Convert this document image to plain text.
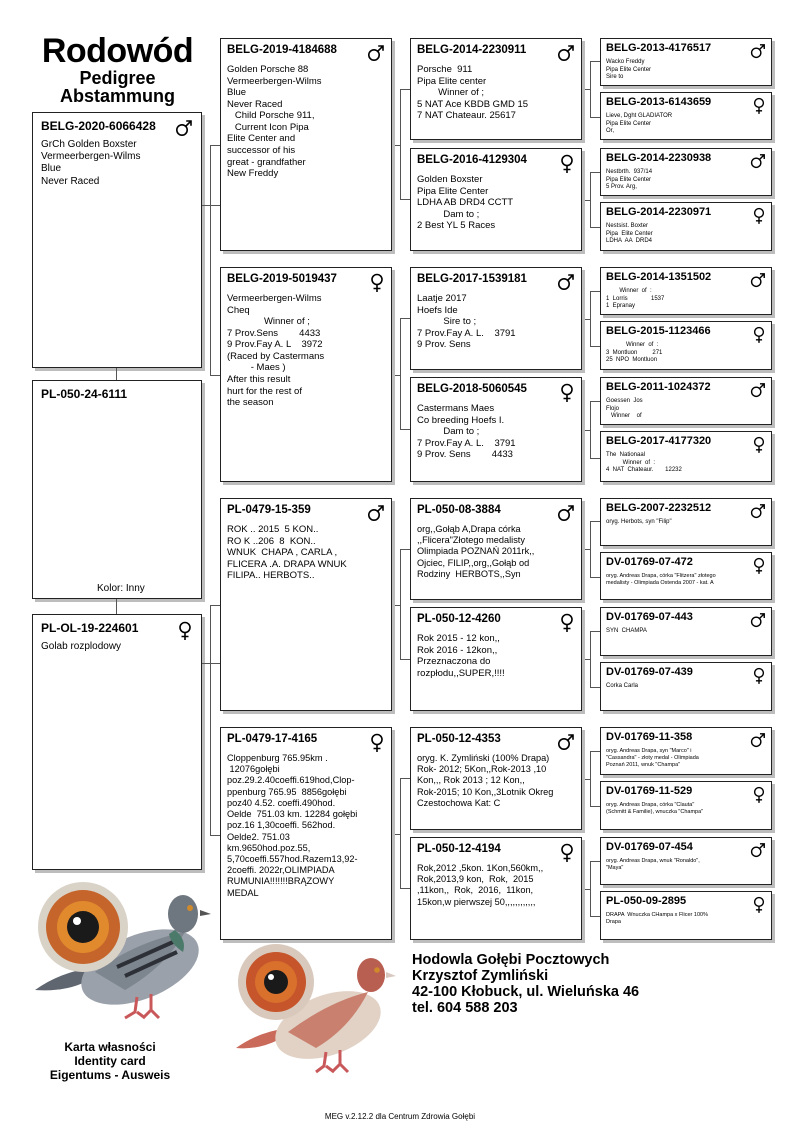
Rodowód
Pedigree
Abstammung
BELG-2020-6066428
GrCh Golden Boxster
Vermeerbergen-Wilms
Blue
Never Raced
PL-050-24-6111
Kolor: Inny
PL-OL-19-224601
Golab rozplodowy
BELG-2019-4184688
Golden Porsche 88
Vermeerbergen-Wilms
Blue
Never Raced
Child Porsche 911,
Current Icon Pipa
Elite Center and
successor of his
great - grandfather
New Freddy
BELG-2019-5019437
Vermeerbergen-Wilms
Cheq
Winner of ;
7 Prov.Sens        4433
9 Prov.Fay A. L    3972
(Raced by Castermans
- Maes )
After this result
hurt for the rest of
the season
PL-0479-15-359
ROK .. 2015  5 KON..
RO K ..206  8  KON..
WNUK  CHAPA , CARLA ,
FLICERA .A. DRAPA WNUK
FILIPA.. HERBOTS..
PL-0479-17-4165
Cloppenburg 765.95km .
12076gołębi
poz.29.2.40coeffi.619hod,Clop-
ppenburg 765.95  8856gołębi
poz40 4.52. coeffi.490hod.
Oelde  751.03 km. 12284 gołębi
poz.16 1,30coeffi. 562hod.
Oelde2. 751.03
km.9650hod.poz.55,
5,70coeffi.557hod.Razem13,92-
2coeffi. 2022r,OLIMPIADA
RUMUNIA!!!!!!!BRĄZOWY
MEDAL
BELG-2014-2230911
Porsche  911
Pipa Elite center
Winner of ;
5 NAT Ace KBDB GMD 15
7 NAT Chateaur. 25617
BELG-2016-4129304
Golden Boxster
Pipa Elite Center
LDHA AB DRD4 CCTT
Dam to ;
2 Best YL 5 Races
BELG-2017-1539181
Laatje 2017
Hoefs Ide
Sire to ;
7 Prov.Fay A. L.    3791
9 Prov. Sens
BELG-2018-5060545
Castermans Maes
Co breeding Hoefs I.
Dam to ;
7 Prov.Fay A. L.    3791
9 Prov. Sens        4433
PL-050-08-3884
org,,Gołąb A,Drapa córka
,,Flicera"Złotego medalisty
Olimpiada POZNAŃ 2011rk,,
Ojciec, FILIP,,org,,Gołąb od
Rodziny  HERBOTS,,Syn
PL-050-12-4260
Rok 2015 - 12 kon,,
Rok 2016 - 12kon,,
Przeznaczona do
rozpłodu,,SUPER,!!!!
PL-050-12-4353
oryg. K. Zymliński (100% Drapa)
Rok- 2012; 5Kon,,Rok-2013 ,10
Kon,,, Rok 2013 ; 12 Kon,,
Rok-2015; 10 Kon,,3Lotnik Okreg
Czestochowa Kat: C
PL-050-12-4194
Rok,2012 ,5kon. 1Kon,560km,,
Rok,2013,9 kon,  Rok,  2015
,11kon,,  Rok,  2016,  11kon,
15kon,w pierwszej 50,,,,,,,,,,,,
BELG-2013-4176517
Wacko Freddy
Pipa Elite Center
Sire to
BELG-2013-6143659
Lieve, Dght GLADIATOR
Pipa Elite Center
Or,
BELG-2014-2230938
Nestbrth.  937/14
Pipa Elite Center
5 Prov. Arg,
BELG-2014-2230971
Nestsist. Boxter
Pipa  Elite Center
LDHA  AA  DRD4
BELG-2014-1351502
Winner  of  :
1  Lorris              1537
1  Epranay
BELG-2015-1123466
Winner  of  :
3  Montluon         271
25  NPO  Montluon
BELG-2011-1024372
Goessen  Jos
Flojo
Winner    of
BELG-2017-4177320
The  Nationaal
Winner  of  :
4  NAT  Chateaur.       12232
BELG-2007-2232512
oryg. Herbots, syn "Filip"
DV-01769-07-472
oryg. Andreas Drapa, córka "Flitzera" złotego
medalisty - Olimpiada Ostenda 2007 - kat. A
DV-01769-07-443
SYN  CHAMPA
DV-01769-07-439
Corka Carla
DV-01769-11-358
oryg. Andreas Drapa, syn "Marco" i
"Cassandra" - złoty medal - Olimpiada
Poznań 2011, wnuk "Champa"
DV-01769-11-529
oryg. Andreas Drapa, córka "Clauta"
(Schmitt & Familie), wnuczka "Champa"
DV-01769-07-454
oryg. Andreas Drapa, wnuk "Ronaldo",
"Maya"
PL-050-09-2895
DRAPA  Wnuczka CHampa x Flicer 100%
Drapa
Hodowla Gołębi Pocztowych
Krzysztof Zymliński
42-100 Kłobuck, ul. Wieluńska 46
tel. 604 588 203
Karta własności
Identity card
Eigentums - Ausweis
MEG v.2.12.2 dla Centrum Zdrowia Gołębi
